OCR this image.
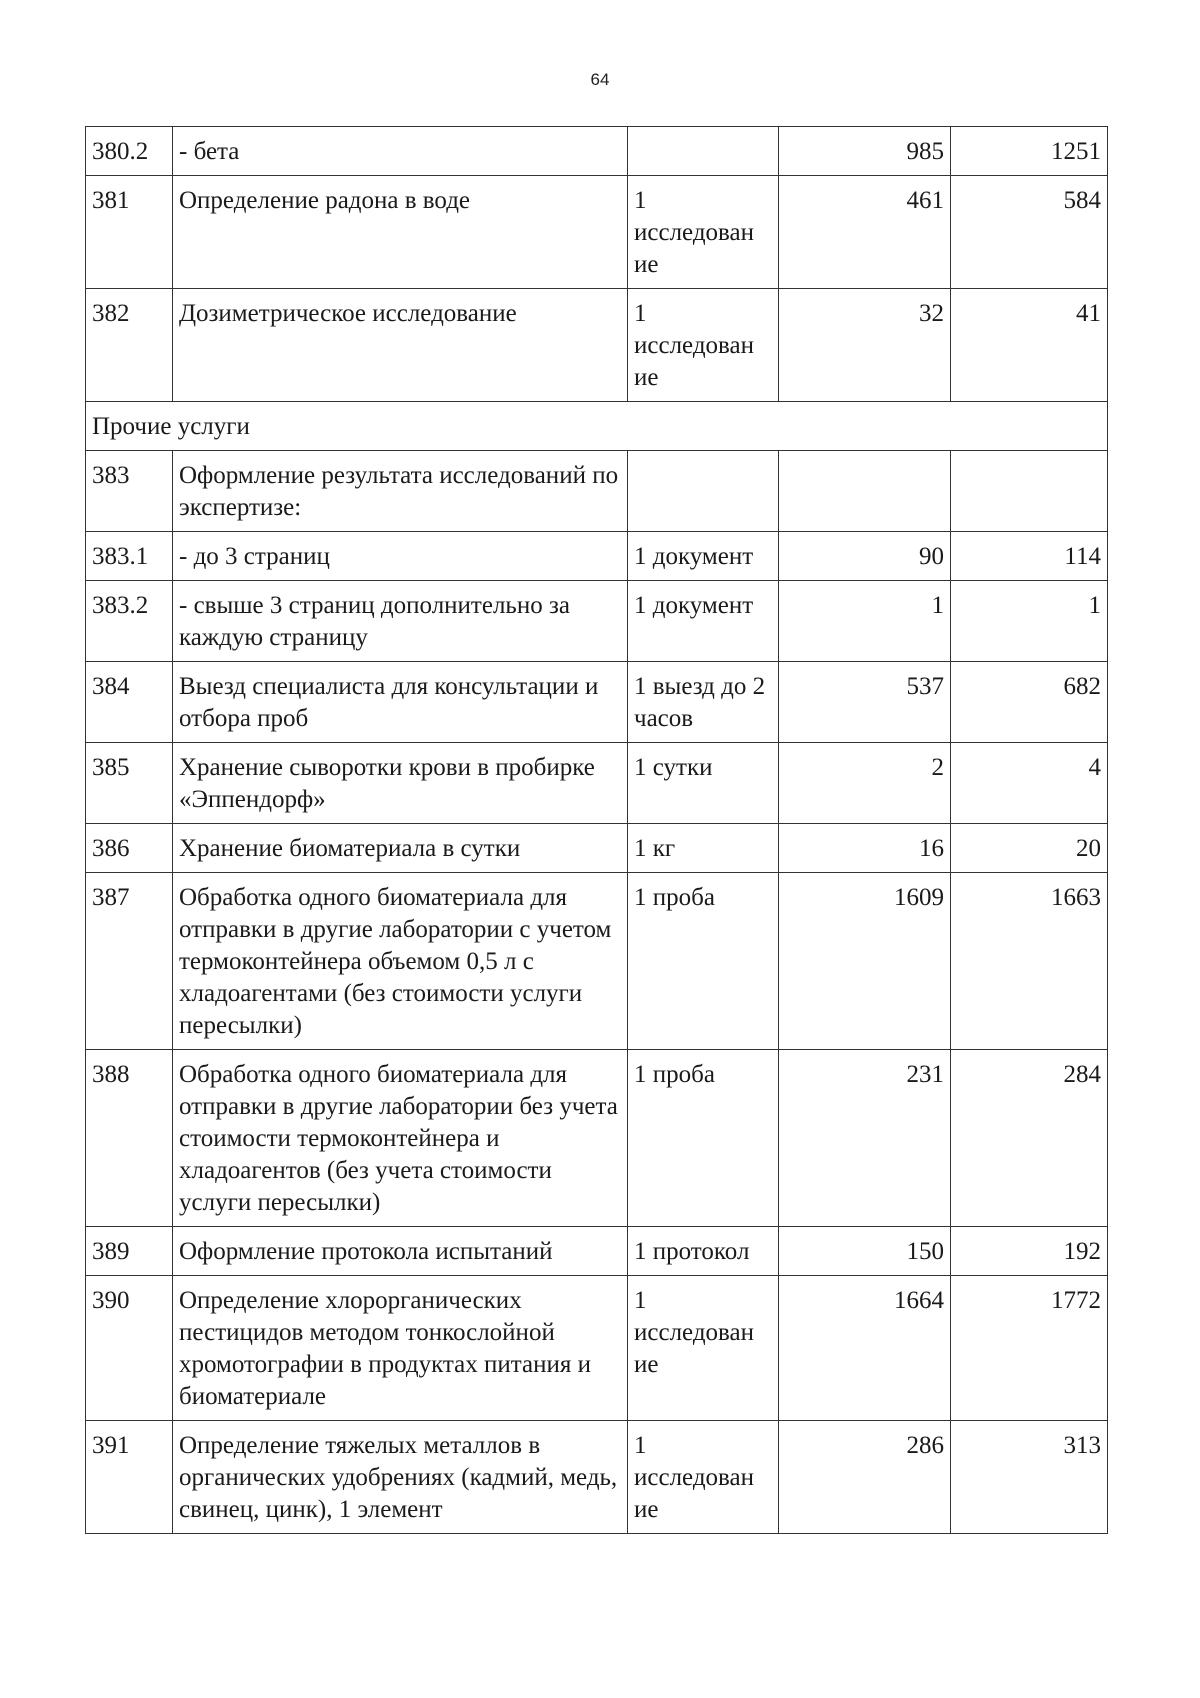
64
380.2	- бета		985	1251
381	Определение радона в воде	1 исследован ие	461	584
382	Дозиметрическое исследование	1 исследован ие	32	41
Прочие услуги				
383	Оформление результата исследований по экспертизе:			
383.1	- до 3 страниц	1 документ	90	114
383.2	- свыше 3 страниц дополнительно за каждую страницу	1 документ	1	1
384	Выезд специалиста для консультации и отбора проб	1 выезд до 2 часов	537	682
385	Хранение сыворотки крови в пробирке «Эппендорф»	1 сутки	2	4
386	Хранение биоматериала в сутки	1 кг	16	20
387	Обработка одного биоматериала для отправки в другие лаборатории с учетом термоконтейнера объемом 0,5 л с хладоагентами (без стоимости услуги пересылки)	1 проба	1609	1663
388	Обработка одного биоматериала для отправки в другие лаборатории без учета стоимости термоконтейнера и хладоагентов (без учета стоимости услуги пересылки)	1 проба	231	284
389	Оформление протокола испытаний	1 протокол	150	192
390	Определение хлорорганических пестицидов методом тонкослойной хромотографии в продуктах питания и биоматериале	1 исследован ие	1664	1772
391	Определение тяжелых металлов в органических удобрениях (кадмий, медь, свинец, цинк), 1 элемент	1 исследован ие	286	313
